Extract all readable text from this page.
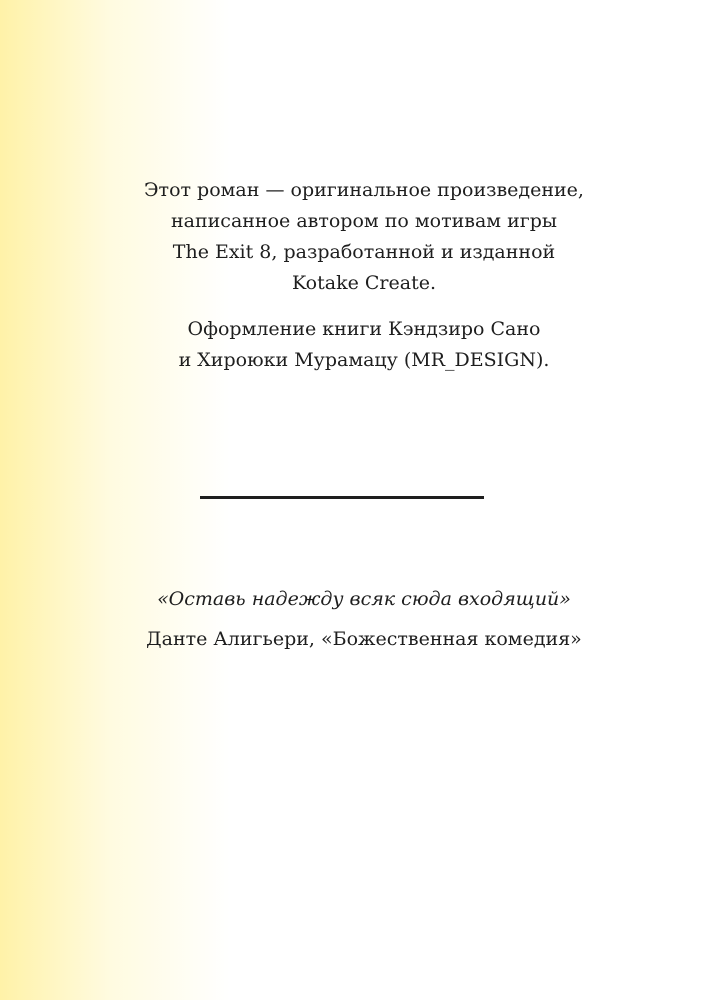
Этот роман — оригинальное произведение,
написанное автором по мотивам игры
The Exit 8, разработанной и изданной
Kotake Create.
Оформление книги Кэндзиро Сано
и Хироюки Мурамацу (MR_DESIGN).
«Оставь надежду всяк сюда входящий»
Данте Алигьери, «Божественная комедия»
